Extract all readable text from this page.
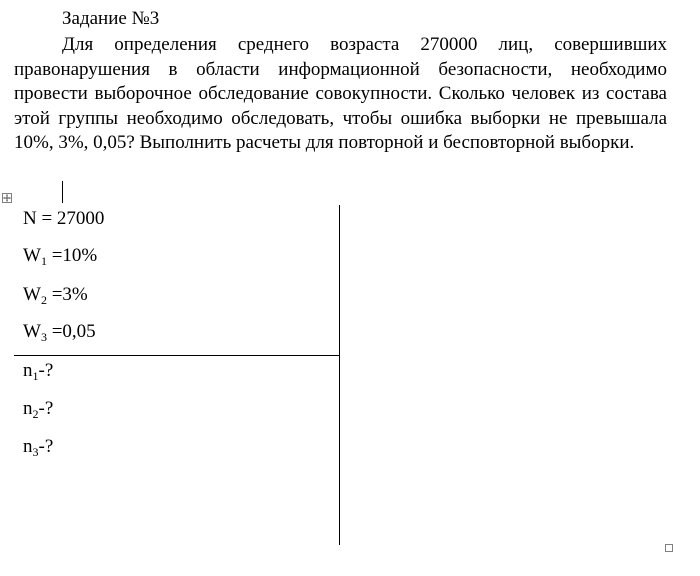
Задание №3

Для определения среднего возраста 270000 лиц, совершивших правонарушения в области информационной безопасности, необходимо провести выборочное обследование совокупности. Сколько человек из состава этой группы необходимо обследовать, чтобы ошибка выборки не превышала 10%, 3%, 0,05? Выполнить расчеты для повторной и бесповторной выборки.

N = 27000
$W_1 =10\%$
$W_2 =3\%$
$W_3 =0,05$
$n_1-$?
$n_2-$?
$n_3-$?
